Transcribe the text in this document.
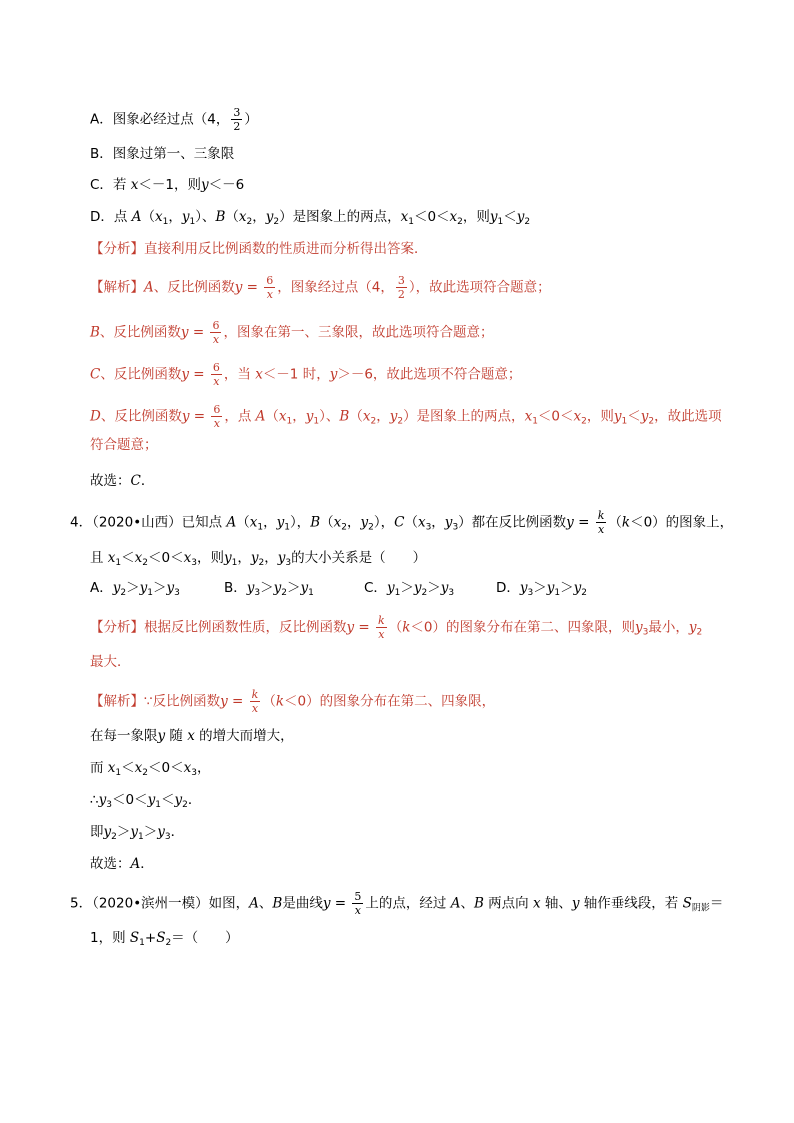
A．图象必经过点（4， $\frac{3}{2}$ ）
B．图象过第一、三象限
C．若 x＜－1，则y＜－6
D．点 $A(x_1$，$y_1$）、$B(x_2$，$y_2$）是图象上的两点，$x_1<0<x_2$，则$y_1<y_2$
【分析】直接利用反比例函数的性质进而分析得出答案．
【解析】A、反比例函数$y = \frac{6}{x}$ ，图象经过点（4， $\frac{3}{2}$ ），故此选项符合题意；
B、反比例函数$y = \frac{6}{x}$ ，图象在第一、三象限，故此选项符合题意；
C、反比例函数$y = \frac{6}{x}$ ，当 x＜－1 时，y＞－6，故此选项不符合题意；
D、反比例函数$y = \frac{6}{x}$ ，点 $A(x_1$，$y_1$）、$B(x_2$，$y_2$）是图象上的两点，$x_1<0<x_2$，则$y_1<y_2$，故此选项
符合题意；
故选：C．
4．（2020•山西）已知点 $A(x_1$，$y_1$），$B(x_2$，$y_2$），$C(x_3$，$y_3$）都在反比例函数$y = \frac{k}{x} (k<0)$的图象上，
且 $x_1<x_2<0<x_3$，则$y_1$，$y_2$，$y_3$的大小关系是（　　）
A．$y_2>y_1>y_3$	B．$y_3>y_2>y_1$	C．$y_1>y_2>y_3$	D．$y_3>y_1>y_2$
【分析】根据反比例函数性质，反比例函数$y = \frac{k}{x} (k<0)$的图象分布在第二、四象限，则$y_3$最小，$y_2$
最大．
【解析】∵反比例函数$y = \frac{k}{x} (k<0)$的图象分布在第二、四象限，
在每一象限y 随 x 的增大而增大，
而 $x_1<x_2<0<x_3$，
$\therefore y_3<0<y_1<y_2$．
即$y_2>y_1>y_3$．
故选：A．
5．（2020•滨州一模）如图，A、B是曲线$y = \frac{5}{x}$ 上的点，经过 A、B 两点向 x 轴、y 轴作垂线段，若 $S_{阴影}=$
1，则 $S_1+S_2=$（　　）
